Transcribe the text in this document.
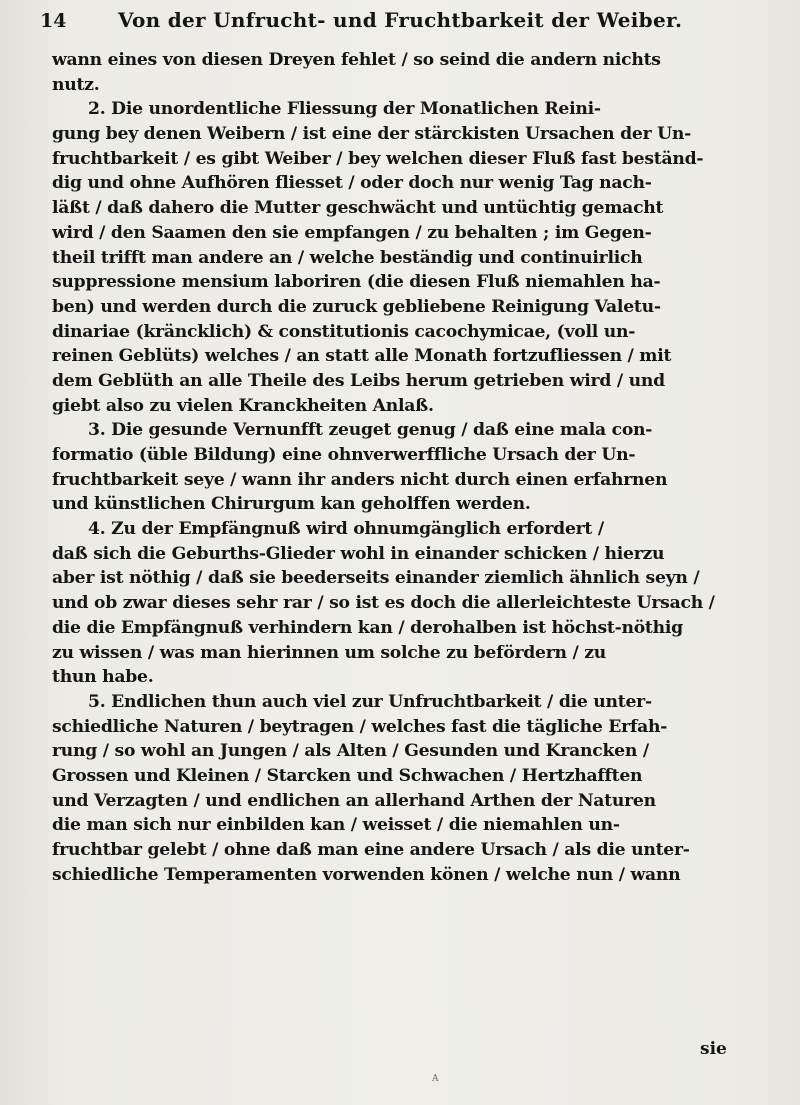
14	Von der Unfrucht- und Fruchtbarkeit der Weiber.
wann eines von diesen Dreyen fehlet / so seind die andern nichts
nutz.
2. Die unordentliche Fliessung der Monatlichen Reini-
gung bey denen Weibern / ist eine der stärckisten Ursachen der Un-
fruchtbarkeit / es gibt Weiber / bey welchen dieser Fluß fast beständ-
dig und ohne Aufhören fliesset / oder doch nur wenig Tag nach-
läßt / daß dahero die Mutter geschwächt und untüchtig gemacht
wird / den Saamen den sie empfangen / zu behalten ; im Gegen-
theil trifft man andere an / welche beständig und continuirlich
suppressione mensium laboriren (die diesen Fluß niemahlen ha-
ben) und werden durch die zuruck gebliebene Reinigung Valetu-
dinariae (kräncklich) & constitutionis cacochymicae, (voll un-
reinen Geblüts) welches / an statt alle Monath fortzufliessen / mit
dem Geblüth an alle Theile des Leibs herum getrieben wird / und
giebt also zu vielen Kranckheiten Anlaß.
3. Die gesunde Vernunfft zeuget genug / daß eine mala con-
formatio (üble Bildung) eine ohnverwerffliche Ursach der Un-
fruchtbarkeit seye / wann ihr anders nicht durch einen erfahrnen
und künstlichen Chirurgum kan geholffen werden.
4. Zu der Empfängnuß wird ohnumgänglich erfordert /
daß sich die Geburths-Glieder wohl in einander schicken / hierzu
aber ist nöthig / daß sie beederseits einander ziemlich ähnlich seyn /
und ob zwar dieses sehr rar / so ist es doch die allerleichteste Ursach /
die die Empfängnuß verhindern kan / derohalben ist höchst-nöthig
zu wissen / was man hierinnen um solche zu befördern / zu
thun habe.
5. Endlichen thun auch viel zur Unfruchtbarkeit / die unter-
schiedliche Naturen / beytragen / welches fast die tägliche Erfah-
rung / so wohl an Jungen / als Alten / Gesunden und Krancken /
Grossen und Kleinen / Starcken und Schwachen / Hertzhafften
und Verzagten / und endlichen an allerhand Arthen der Naturen
die man sich nur einbilden kan / weisset / die niemahlen un-
fruchtbar gelebt / ohne daß man eine andere Ursach / als die unter-
schiedliche Temperamenten vorwenden könen / welche nun / wann
sie
A
